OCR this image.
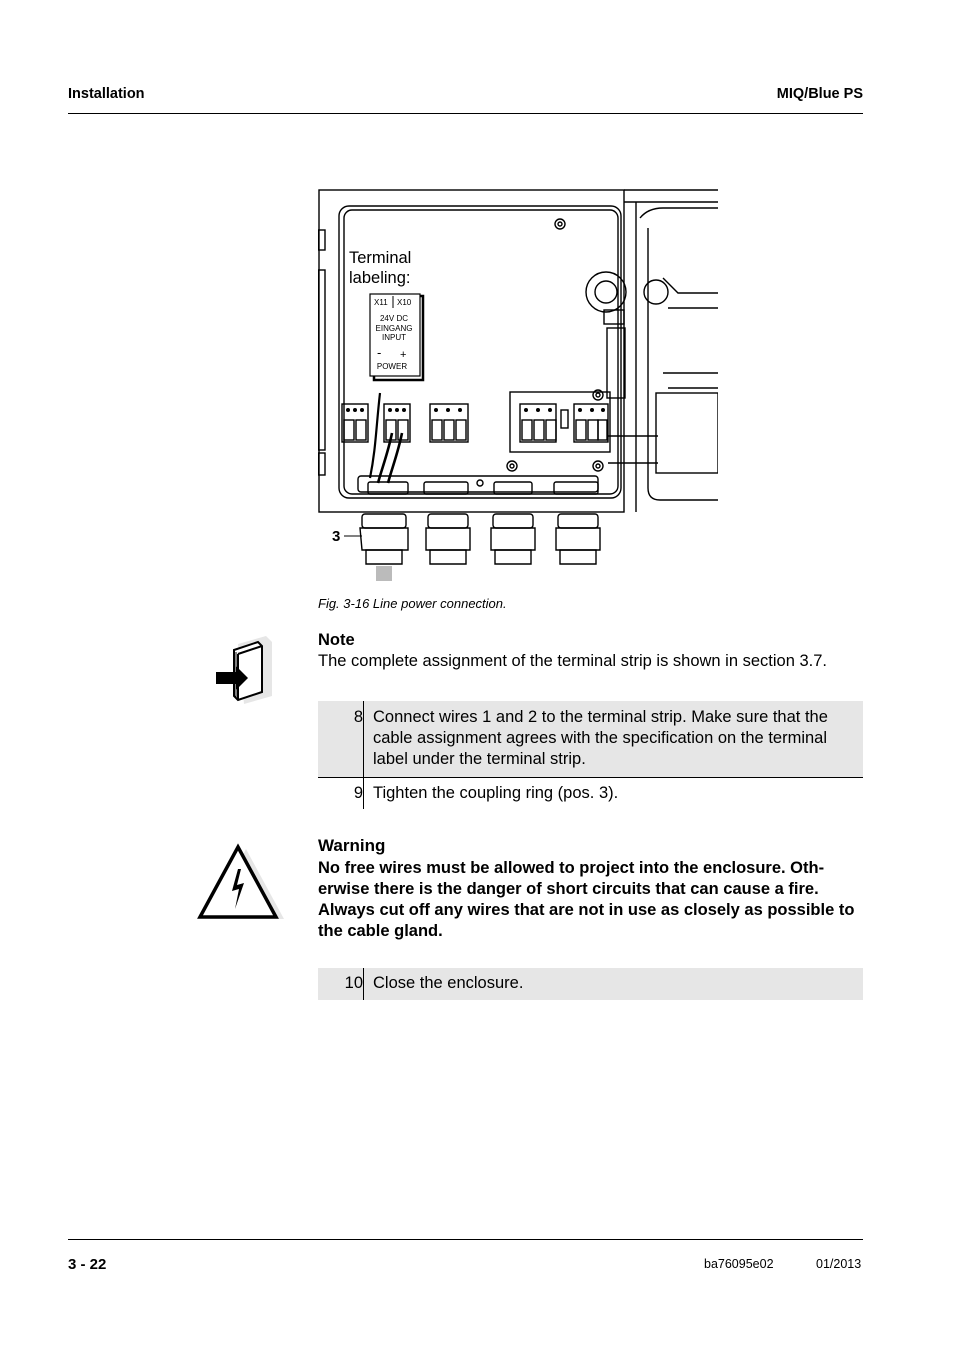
Installation	MIQ/Blue PS
Terminal
labeling:
X11 X10
24V DC
EINGANG
INPUT
- +
POWER
3
Fig. 3-16 Line power connection.
Note
The complete assignment of the terminal strip is shown in section 3.7.
8 Connect wires 1 and 2 to the terminal strip. Make sure that the cable assignment agrees with the specification on the terminal label under the terminal strip.
9 Tighten the coupling ring (pos. 3).
Warning
No free wires must be allowed to project into the enclosure. Oth-erwise there is the danger of short circuits that can cause a fire. Always cut off any wires that are not in use as closely as possible to the cable gland.
10 Close the enclosure.
3 - 22	ba76095e02	01/2013
